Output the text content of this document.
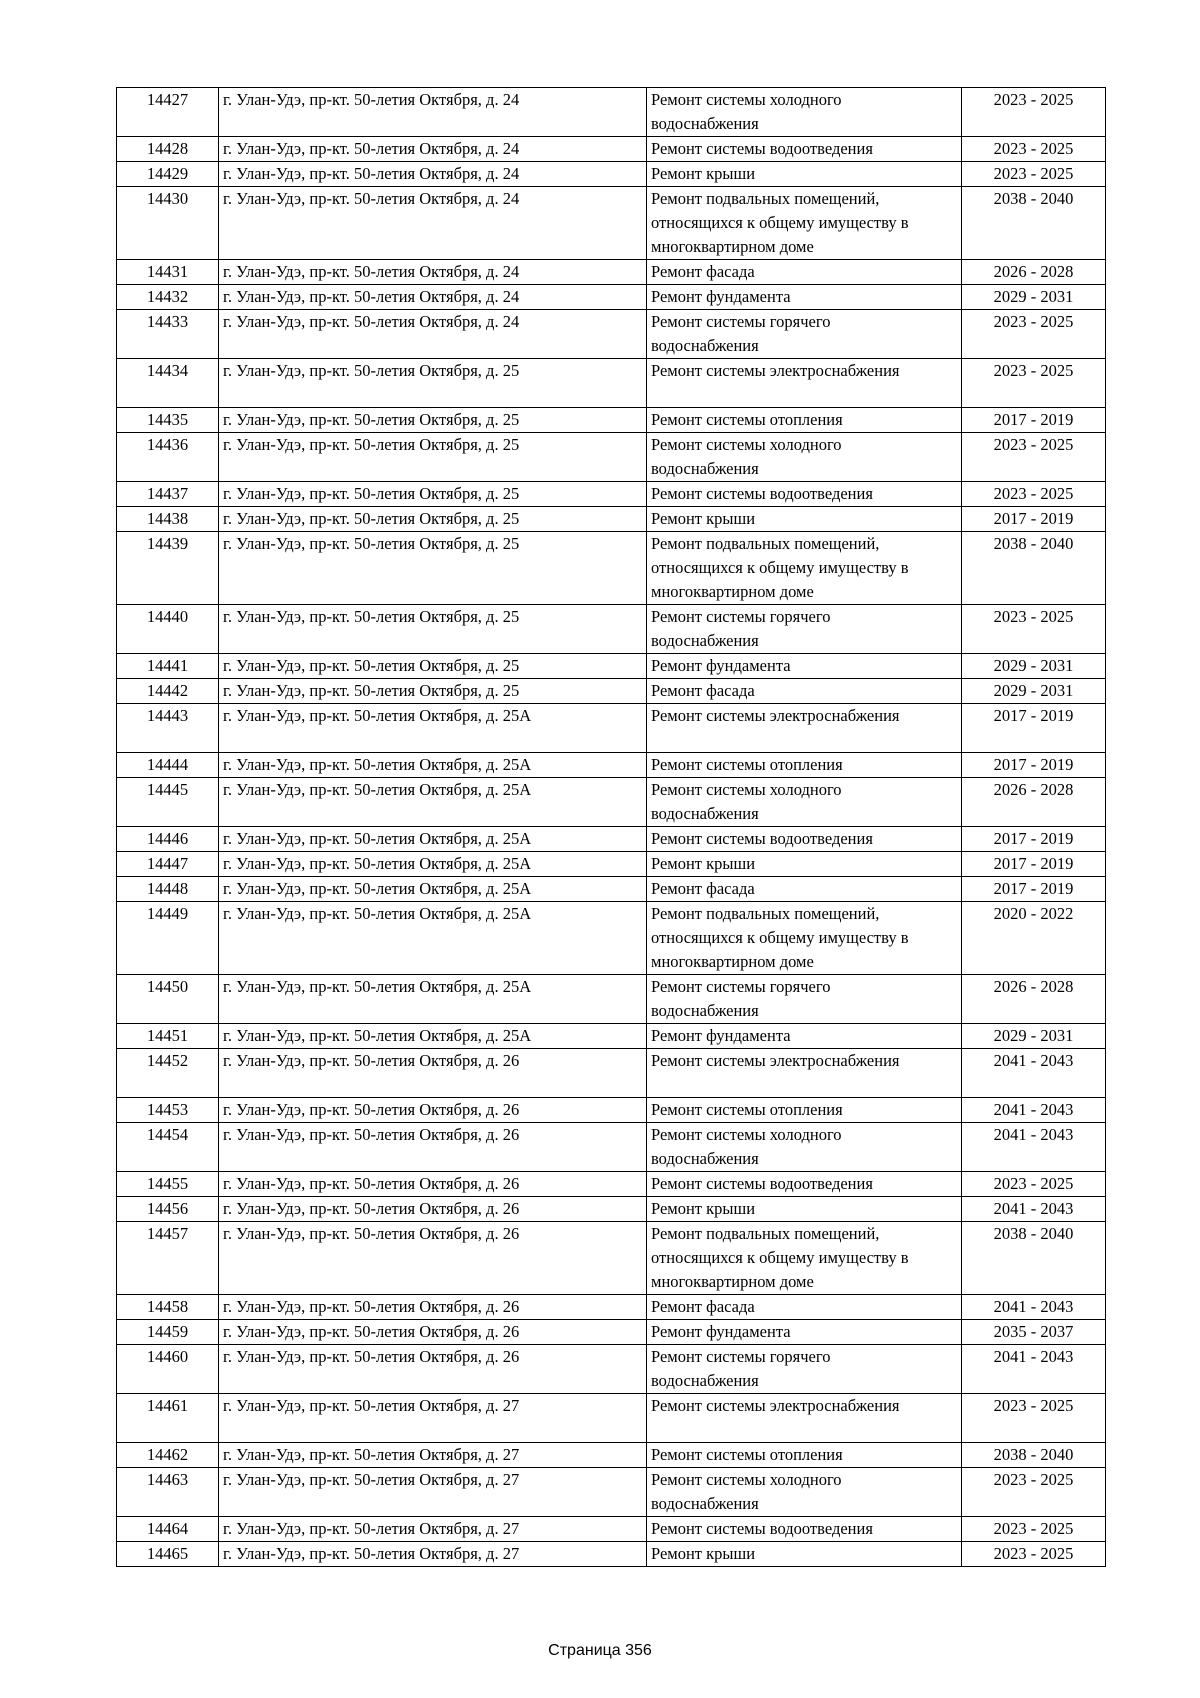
14427	г. Улан-Удэ, пр-кт. 50-летия Октября, д. 24	Ремонт системы холодного
водоснабжения	2023 - 2025
14428	г. Улан-Удэ, пр-кт. 50-летия Октября, д. 24	Ремонт системы водоотведения	2023 - 2025
14429	г. Улан-Удэ, пр-кт. 50-летия Октября, д. 24	Ремонт крыши	2023 - 2025
14430	г. Улан-Удэ, пр-кт. 50-летия Октября, д. 24	Ремонт подвальных помещений,
относящихся к общему имуществу в
многоквартирном доме	2038 - 2040
14431	г. Улан-Удэ, пр-кт. 50-летия Октября, д. 24	Ремонт фасада	2026 - 2028
14432	г. Улан-Удэ, пр-кт. 50-летия Октября, д. 24	Ремонт фундамента	2029 - 2031
14433	г. Улан-Удэ, пр-кт. 50-летия Октября, д. 24	Ремонт системы горячего
водоснабжения	2023 - 2025
14434	г. Улан-Удэ, пр-кт. 50-летия Октября, д. 25	Ремонт системы электроснабжения	2023 - 2025
14435	г. Улан-Удэ, пр-кт. 50-летия Октября, д. 25	Ремонт системы отопления	2017 - 2019
14436	г. Улан-Удэ, пр-кт. 50-летия Октября, д. 25	Ремонт системы холодного
водоснабжения	2023 - 2025
14437	г. Улан-Удэ, пр-кт. 50-летия Октября, д. 25	Ремонт системы водоотведения	2023 - 2025
14438	г. Улан-Удэ, пр-кт. 50-летия Октября, д. 25	Ремонт крыши	2017 - 2019
14439	г. Улан-Удэ, пр-кт. 50-летия Октября, д. 25	Ремонт подвальных помещений,
относящихся к общему имуществу в
многоквартирном доме	2038 - 2040
14440	г. Улан-Удэ, пр-кт. 50-летия Октября, д. 25	Ремонт системы горячего
водоснабжения	2023 - 2025
14441	г. Улан-Удэ, пр-кт. 50-летия Октября, д. 25	Ремонт фундамента	2029 - 2031
14442	г. Улан-Удэ, пр-кт. 50-летия Октября, д. 25	Ремонт фасада	2029 - 2031
14443	г. Улан-Удэ, пр-кт. 50-летия Октября, д. 25А	Ремонт системы электроснабжения	2017 - 2019
14444	г. Улан-Удэ, пр-кт. 50-летия Октября, д. 25А	Ремонт системы отопления	2017 - 2019
14445	г. Улан-Удэ, пр-кт. 50-летия Октября, д. 25А	Ремонт системы холодного
водоснабжения	2026 - 2028
14446	г. Улан-Удэ, пр-кт. 50-летия Октября, д. 25А	Ремонт системы водоотведения	2017 - 2019
14447	г. Улан-Удэ, пр-кт. 50-летия Октября, д. 25А	Ремонт крыши	2017 - 2019
14448	г. Улан-Удэ, пр-кт. 50-летия Октября, д. 25А	Ремонт фасада	2017 - 2019
14449	г. Улан-Удэ, пр-кт. 50-летия Октября, д. 25А	Ремонт подвальных помещений,
относящихся к общему имуществу в
многоквартирном доме	2020 - 2022
14450	г. Улан-Удэ, пр-кт. 50-летия Октября, д. 25А	Ремонт системы горячего
водоснабжения	2026 - 2028
14451	г. Улан-Удэ, пр-кт. 50-летия Октября, д. 25А	Ремонт фундамента	2029 - 2031
14452	г. Улан-Удэ, пр-кт. 50-летия Октября, д. 26	Ремонт системы электроснабжения	2041 - 2043
14453	г. Улан-Удэ, пр-кт. 50-летия Октября, д. 26	Ремонт системы отопления	2041 - 2043
14454	г. Улан-Удэ, пр-кт. 50-летия Октября, д. 26	Ремонт системы холодного
водоснабжения	2041 - 2043
14455	г. Улан-Удэ, пр-кт. 50-летия Октября, д. 26	Ремонт системы водоотведения	2023 - 2025
14456	г. Улан-Удэ, пр-кт. 50-летия Октября, д. 26	Ремонт крыши	2041 - 2043
14457	г. Улан-Удэ, пр-кт. 50-летия Октября, д. 26	Ремонт подвальных помещений,
относящихся к общему имуществу в
многоквартирном доме	2038 - 2040
14458	г. Улан-Удэ, пр-кт. 50-летия Октября, д. 26	Ремонт фасада	2041 - 2043
14459	г. Улан-Удэ, пр-кт. 50-летия Октября, д. 26	Ремонт фундамента	2035 - 2037
14460	г. Улан-Удэ, пр-кт. 50-летия Октября, д. 26	Ремонт системы горячего
водоснабжения	2041 - 2043
14461	г. Улан-Удэ, пр-кт. 50-летия Октября, д. 27	Ремонт системы электроснабжения	2023 - 2025
14462	г. Улан-Удэ, пр-кт. 50-летия Октября, д. 27	Ремонт системы отопления	2038 - 2040
14463	г. Улан-Удэ, пр-кт. 50-летия Октября, д. 27	Ремонт системы холодного
водоснабжения	2023 - 2025
14464	г. Улан-Удэ, пр-кт. 50-летия Октября, д. 27	Ремонт системы водоотведения	2023 - 2025
14465	г. Улан-Удэ, пр-кт. 50-летия Октября, д. 27	Ремонт крыши	2023 - 2025
Страница 356
